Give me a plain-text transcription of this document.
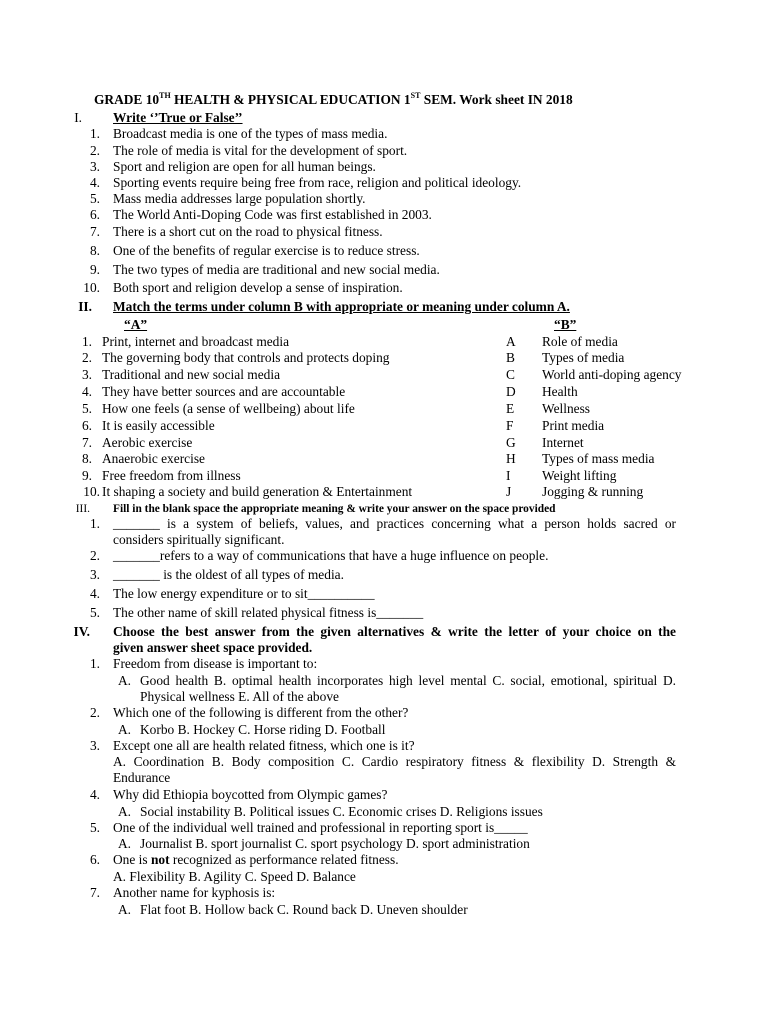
GRADE 10TH HEALTH & PHYSICAL EDUCATION 1ST SEM. Work sheet IN 2018
I. Write ‘’True or False’’
1. Broadcast media is one of the types of mass media.
2. The role of media is vital for the development of sport.
3. Sport and religion are open for all human beings.
4. Sporting events require being free from race, religion and political ideology.
5. Mass media addresses large population shortly.
6. The World Anti-Doping Code was first established in 2003.
7. There is a short cut on the road to physical fitness.
8. One of the benefits of regular exercise is to reduce stress.
9. The two types of media are traditional and new social media.
10. Both sport and religion develop a sense of inspiration.
II. Match the terms under column B with appropriate or meaning under column A.
“A”	“B”
1. Print, internet and broadcast media	A Role of media
2. The governing body that controls and protects doping	B Types of media
3. Traditional and new social media	C World anti-doping agency
4. They have better sources and are accountable	D Health
5. How one feels (a sense of wellbeing) about life	E Wellness
6. It is easily accessible	F Print media
7. Aerobic exercise	G Internet
8. Anaerobic exercise	H Types of mass media
9. Free freedom from illness	I Weight lifting
10. It shaping a society and build generation & Entertainment	J Jogging & running
III. Fill in the blank space the appropriate meaning & write your answer on the space provided
1. _______ is a system of beliefs, values, and practices concerning what a person holds sacred or
considers spiritually significant.
2. _______refers to a way of communications that have a huge influence on people.
3. _______ is the oldest of all types of media.
4. The low energy expenditure or to sit__________
5. The other name of skill related physical fitness is_______
IV. Choose the best answer from the given alternatives & write the letter of your choice on the
given answer sheet space provided.
1. Freedom from disease is important to:
A. Good health B. optimal health incorporates high level mental C. social, emotional, spiritual D.
Physical wellness E. All of the above
2. Which one of the following is different from the other?
A. Korbo B. Hockey C. Horse riding D. Football
3. Except one all are health related fitness, which one is it?
A. Coordination B. Body composition C. Cardio respiratory fitness & flexibility D. Strength &
Endurance
4. Why did Ethiopia boycotted from Olympic games?
A. Social instability B. Political issues C. Economic crises D. Religions issues
5. One of the individual well trained and professional in reporting sport is_____
A. Journalist B. sport journalist C. sport psychology D. sport administration
6. One is not recognized as performance related fitness.
A. Flexibility B. Agility C. Speed D. Balance
7. Another name for kyphosis is:
A. Flat foot B. Hollow back C. Round back D. Uneven shoulder
